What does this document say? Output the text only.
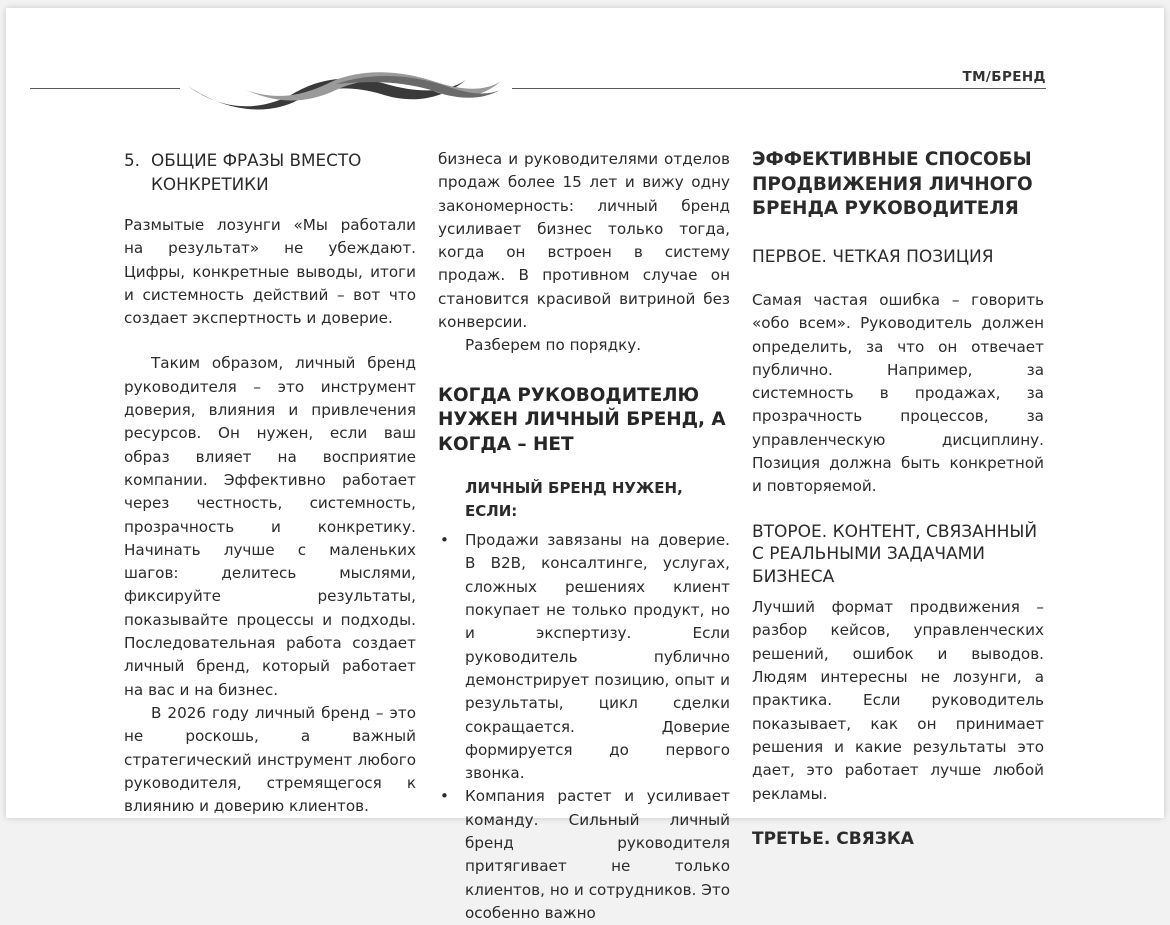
ТМ/БРЕНД
5. ОБЩИЕ ФРАЗЫ ВМЕСТО КОНКРЕТИКИ

Размытые лозунги «Мы работали на результат» не убеждают. Цифры, конкретные выводы, итоги и системность действий – вот что создает экспертность и доверие.

Таким образом, личный бренд руководителя – это инструмент доверия, влияния и привлечения ресурсов. Он нужен, если ваш образ влияет на восприятие компании. Эффективно работает через честность, системность, прозрачность и конкретику. Начинать лучше с маленьких шагов: делитесь мыслями, фиксируйте результаты, показывайте процессы и подходы. Последовательная работа создает личный бренд, который работает на вас и на бизнес.

В 2026 году личный бренд – это не роскошь, а важный стратегический инструмент любого руководителя, стремящегося к влиянию и доверию клиентов.

бизнеса и руководителями отделов продаж более 15 лет и вижу одну закономерность: личный бренд усиливает бизнес только тогда, когда он встроен в систему продаж. В противном случае он становится красивой витриной без конверсии.

Разберем по порядку.

КОГДА РУКОВОДИТЕЛЮ НУЖЕН ЛИЧНЫЙ БРЕНД, А КОГДА – НЕТ
ЛИЧНЫЙ БРЕНД НУЖЕН, ЕСЛИ:
• Продажи завязаны на доверие. В B2B, консалтинге, услугах, сложных решениях клиент покупает не только продукт, но и экспертизу. Если руководитель публично демонстрирует позицию, опыт и результаты, цикл сделки сокращается. Доверие формируется до первого звонка.
• Компания растет и усиливает команду. Сильный личный бренд руководителя притягивает не только клиентов, но и сотрудников. Это особенно важно
ЭФФЕКТИВНЫЕ СПОСОБЫ ПРОДВИЖЕНИЯ ЛИЧНОГО БРЕНДА РУКОВОДИТЕЛЯ
ПЕРВОЕ. ЧЕТКАЯ ПОЗИЦИЯ

Самая частая ошибка – говорить «обо всем». Руководитель должен определить, за что он отвечает публично. Например, за системность в продажах, за прозрачность процессов, за управленческую дисциплину. Позиция должна быть конкретной и повторяемой.

ВТОРОЕ. КОНТЕНТ, СВЯЗАННЫЙ С РЕАЛЬНЫМИ ЗАДАЧАМИ БИЗНЕСА

Лучший формат продвижения – разбор кейсов, управленческих решений, ошибок и выводов. Людям интересны не лозунги, а практика. Если руководитель показывает, как он принимает решения и какие результаты это дает, это работает лучше любой рекламы.

ТРЕТЬЕ. СВЯЗКА
